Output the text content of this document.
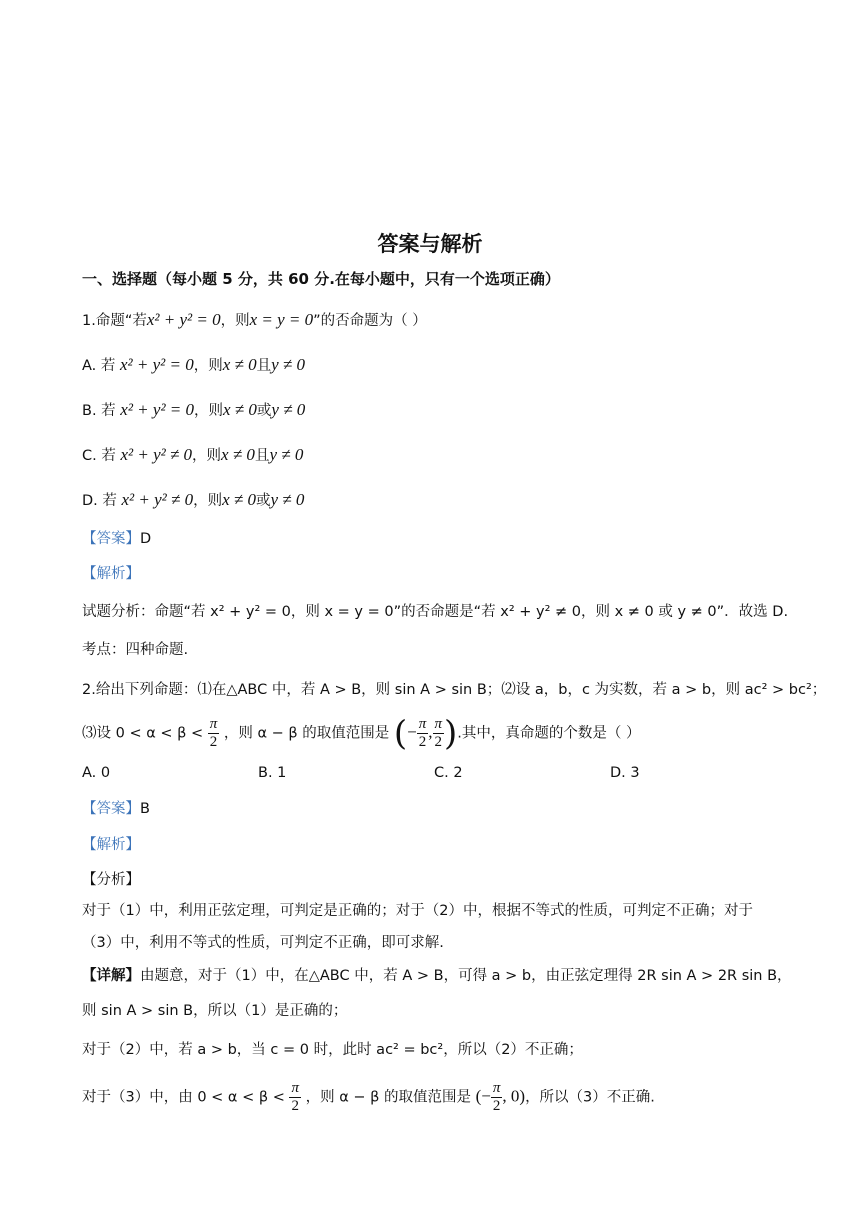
答案与解析
一、选择题（每小题 5 分，共 60 分.在每小题中，只有一个选项正确）
1.命题“若x² + y² = 0，则x = y = 0”的否命题为（ ）
A. 若 x² + y² = 0，则x ≠ 0且y ≠ 0
B. 若 x² + y² = 0，则x ≠ 0或y ≠ 0
C. 若 x² + y² ≠ 0，则x ≠ 0且y ≠ 0
D. 若 x² + y² ≠ 0，则x ≠ 0或y ≠ 0
【答案】D
【解析】
试题分析：命题“若 x² + y² = 0，则 x = y = 0”的否命题是“若 x² + y² ≠ 0，则 x ≠ 0 或 y ≠ 0”．故选 D.
考点：四种命题.
2.给出下列命题：⑴在△ABC 中，若 A > B，则 sin A > sin B；⑵设 a，b，c 为实数，若 a > b，则 ac² > bc²；
⑶设 $0 < \alpha < \beta < \frac{\pi}{2}$ ，则 α − β 的取值范围是 (− $\frac{\pi}{2}$ , $\frac{\pi}{2}$ ).其中，真命题的个数是（ ）
A. 0	B. 1	C. 2	D. 3
【答案】B
【解析】
【分析】
对于（1）中，利用正弦定理，可判定是正确的；对于（2）中，根据不等式的性质，可判定不正确；对于
（3）中，利用不等式的性质，可判定不正确，即可求解.
【详解】由题意，对于（1）中，在△ABC 中，若 A > B，可得 a > b，由正弦定理得 2R sin A > 2R sin B，
则 sin A > sin B，所以（1）是正确的；
对于（2）中，若 a > b，当 c = 0 时，此时 ac² = bc²，所以（2）不正确；
对于（3）中，由 $0 < \alpha < \beta < \frac{\pi}{2}$ ，则 α − β 的取值范围是 (− $\frac{\pi}{2}$ , 0)，所以（3）不正确.
